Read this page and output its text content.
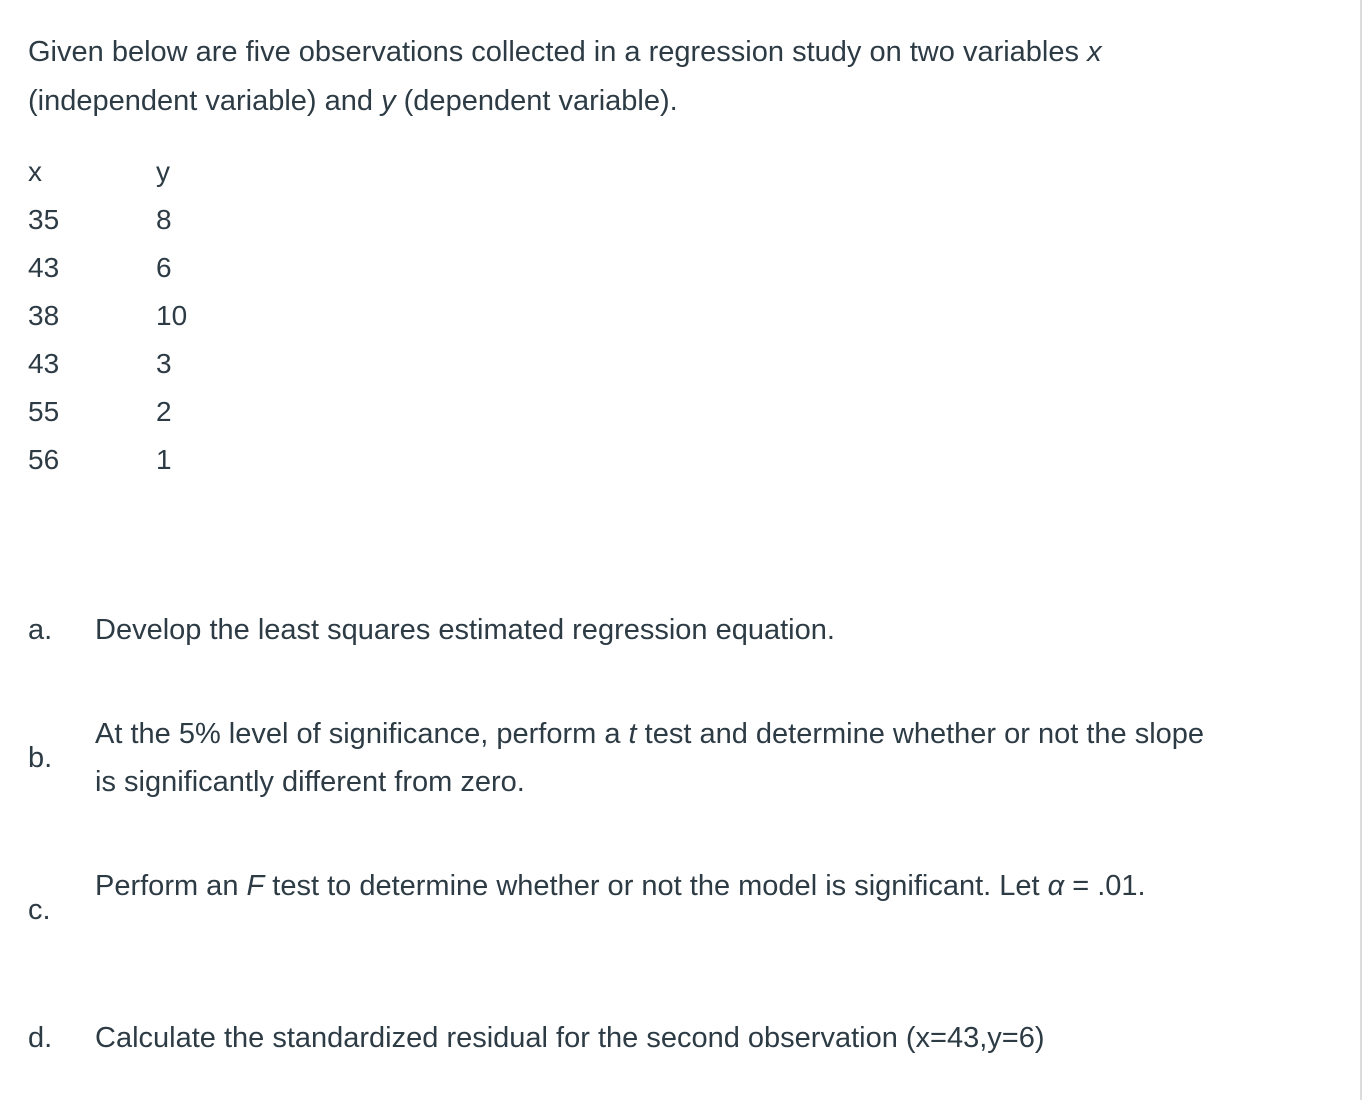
Given below are five observations collected in a regression study on two variables x
(independent variable) and y (dependent variable).

x	y
35	8
43	6
38	10
43	3
55	2
56	1
a. Develop the least squares estimated regression equation.
b.
At the 5% level of significance, perform a t test and determine whether or not the slope is significantly different from zero.
c.
Perform an F test to determine whether or not the model is significant. Let α = .01.
d. Calculate the standardized residual for the second observation (x=43,y=6)
